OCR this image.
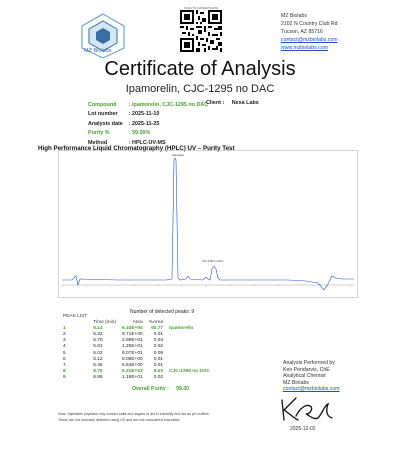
MZ Biolabs
SCAN TO AUTHENTICATE
MZ Biolabs
2102 N Country Club Rd
Tucson, AZ 85716
contact@mzbiolabs.com
www.mzbiolabs.com
Certificate of Analysis
Ipamorelin, CJC-1295 no DAC
Compound	: Ipamorelin, CJC-1295 no DAC
Lot number	: 2025-11-10
Analysis date	: 2025-11-25
Purity %	: 99.00%
Method	: HPLC-UV-MS
Client : Nexa Labs
High Performance Liquid Chromatography (HPLC) UV – Purity Test
Ipamorelin
CJC-1295 no DAC
Number of detected peaks: 9
PEAK LIST				
	Time (min)	Area	%Area	
1	5.14	6.34E+04	90.77	Ipamorelin
2	5.32	8.71E+00	0.01	
3	5.70	2.99E+01	0.04	
4	5.81	1.25E+01	0.02	
5	6.02	6.07E+01	0.09	
6	6.12	8.08E+00	0.01	
7	6.45	5.64E+00	0.01	
8	8.76	6.31E+03	9.03	CJC-1295 no DAC
9	6.88	1.19E+01	0.02	
Overall Purity : 99.00
Note: Injectable peptides may contain salts and sugars to aid in solubility and act as pH buffers.
These are not normally detected using UV and are not considered impurities.
Analysis Performed by
Ken Pendarvis, ChE
Analytical Chemist
MZ Biolabs
contact@mzbiolabs.com
2025-12-02
